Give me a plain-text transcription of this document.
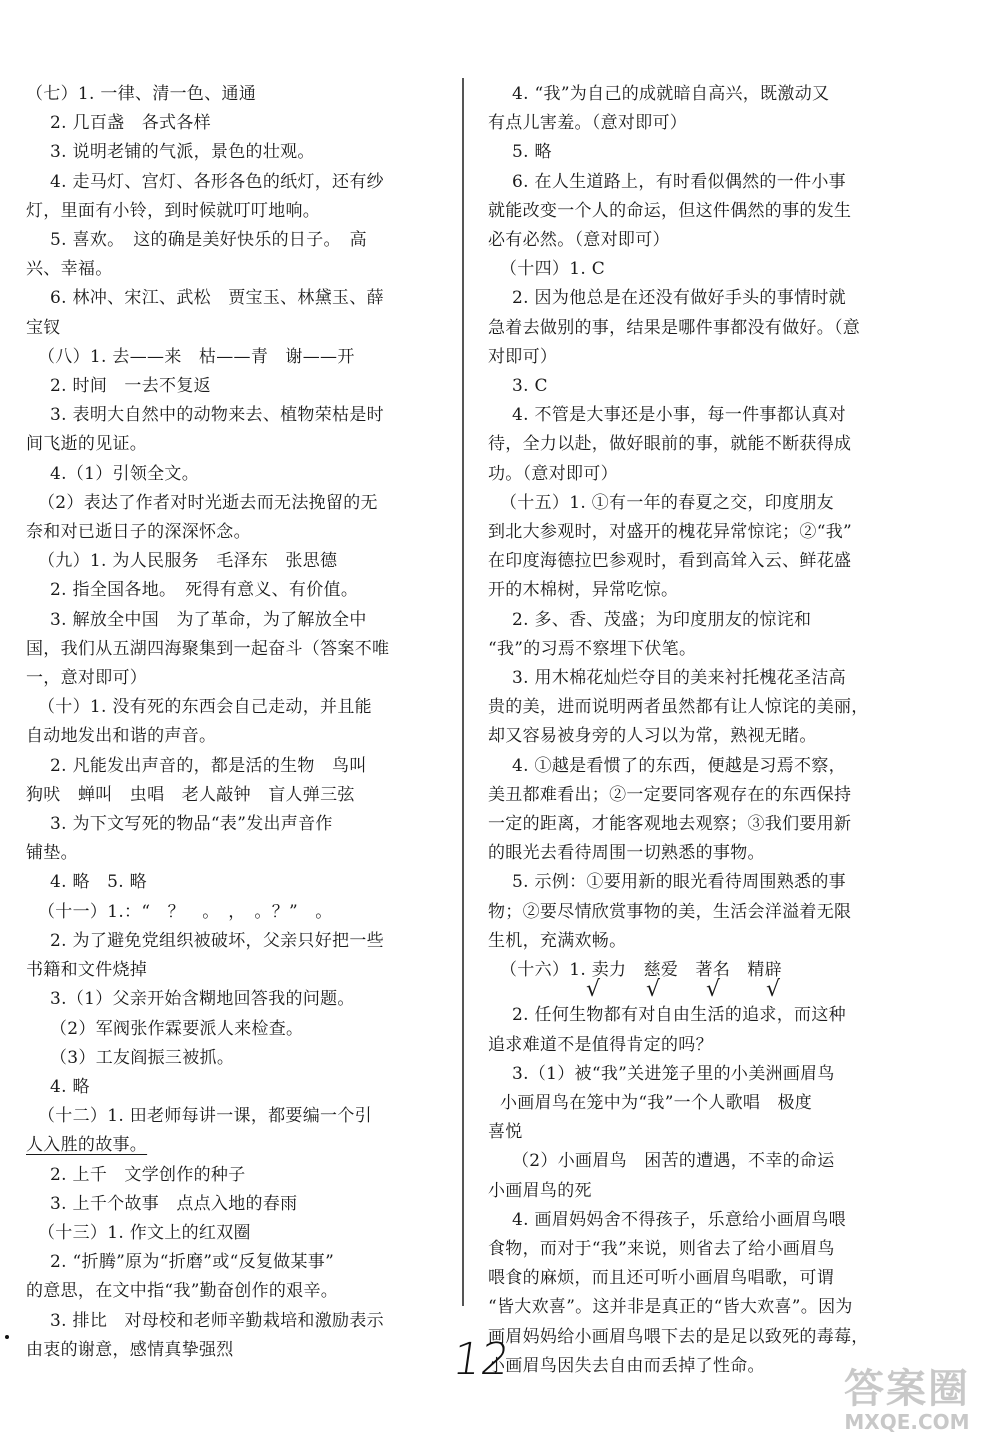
（七）1. 一律、清一色、通通

2. 几百盏　各式各样

3. 说明老铺的气派，景色的壮观。

4. 走马灯、宫灯、各形各色的纸灯，还有纱

灯，里面有小铃，到时候就叮叮地响。

5. 喜欢。　这的确是美好快乐的日子。　高

兴、幸福。

6. 林冲、宋江、武松　贾宝玉、林黛玉、薛

宝钗

（八）1. 去——来　枯——青　谢——开

2. 时间　一去不复返

3. 表明大自然中的动物来去、植物荣枯是时

间飞逝的见证。

4.（1）引领全文。

（2）表达了作者对时光逝去而无法挽留的无

奈和对已逝日子的深深怀念。

（九）1. 为人民服务　毛泽东　张思德

2. 指全国各地。　死得有意义、有价值。

3. 解放全中国　为了革命，为了解放全中

国，我们从五湖四海聚集到一起奋斗（答案不唯

一，意对即可）

（十）1. 没有死的东西会自己走动，并且能

自动地发出和谐的声音。

2. 凡能发出声音的，都是活的生物　鸟叫

狗吠　蝉叫　虫唱　老人敲钟　盲人弹三弦

3. 为下文写死的物品“表”发出声音作

铺垫。

4. 略　5. 略

（十一）1.：“　？　。　，　。？”　。

2. 为了避免党组织被破坏，父亲只好把一些

书籍和文件烧掉

3.（1）父亲开始含糊地回答我的问题。

（2）军阀张作霖要派人来检查。

（3）工友阎振三被抓。

4. 略

（十二）1. 田老师每讲一课，都要编一个引

人入胜的故事。

2. 上千　文学创作的种子

3. 上千个故事　点点入地的春雨

（十三）1. 作文上的红双圈

2. “折腾”原为“折磨”或“反复做某事”

的意思，在文中指“我”勤奋创作的艰辛。

3. 排比　对母校和老师辛勤栽培和激励表示

由衷的谢意，感情真挚强烈

4. “我”为自己的成就暗自高兴，既激动又

有点儿害羞。（意对即可）

5. 略

6. 在人生道路上，有时看似偶然的一件小事

就能改变一个人的命运，但这件偶然的事的发生

必有必然。（意对即可）

（十四）1. C

2. 因为他总是在还没有做好手头的事情时就

急着去做别的事，结果是哪件事都没有做好。（意

对即可）

3. C

4. 不管是大事还是小事，每一件事都认真对

待，全力以赴，做好眼前的事，就能不断获得成

功。（意对即可）

（十五）1. ①有一年的春夏之交，印度朋友

到北大参观时，对盛开的槐花异常惊诧；②“我”

在印度海德拉巴参观时，看到高耸入云、鲜花盛

开的木棉树，异常吃惊。

2. 多、香、茂盛；为印度朋友的惊诧和

“我”的习焉不察埋下伏笔。

3. 用木棉花灿烂夺目的美来衬托槐花圣洁高

贵的美，进而说明两者虽然都有让人惊诧的美丽，

却又容易被身旁的人习以为常，熟视无睹。

4. ①越是看惯了的东西，便越是习焉不察，

美丑都难看出；②一定要同客观存在的东西保持

一定的距离，才能客观地去观察；③我们要用新

的眼光去看待周围一切熟悉的事物。

5. 示例：①要用新的眼光看待周围熟悉的事

物；②要尽情欣赏事物的美，生活会洋溢着无限

生机，充满欢畅。

（十六）1. 卖力　慈爱　著名　精辟

√	√	√	√

2. 任何生物都有对自由生活的追求，而这种

追求难道不是值得肯定的吗？

3.（1）被“我”关进笼子里的小美洲画眉鸟

小画眉鸟在笼中为“我”一个人歌唱　极度

喜悦

（2）小画眉鸟　困苦的遭遇，不幸的命运

小画眉鸟的死

4. 画眉妈妈舍不得孩子，乐意给小画眉鸟喂

食物，而对于“我”来说，则省去了给小画眉鸟

喂食的麻烦，而且还可听小画眉鸟唱歌，可谓

“皆大欢喜”。这并非是真正的“皆大欢喜”。因为

画眉妈妈给小画眉鸟喂下去的是足以致死的毒莓，

小画眉鸟因失去自由而丢掉了性命。

12
答案圈
MXQE.COM
